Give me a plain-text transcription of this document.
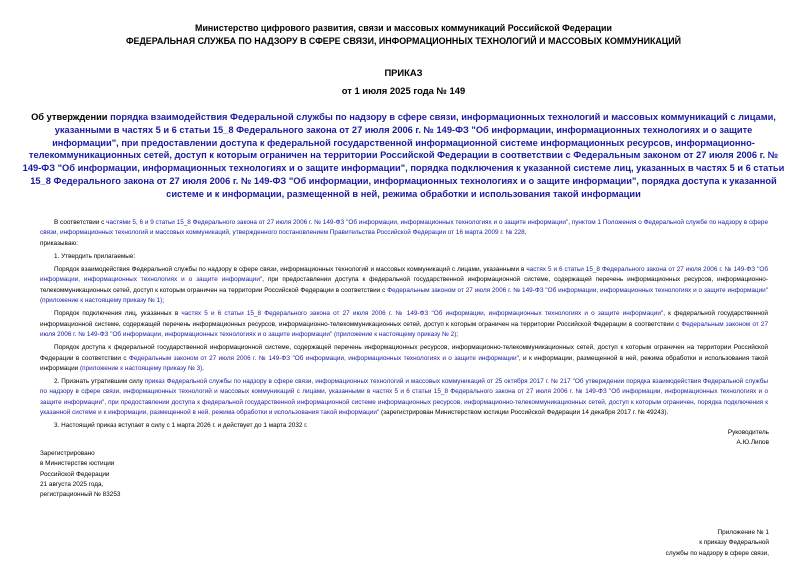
Министерство цифрового развития, связи и массовых коммуникаций Российской Федерации
ФЕДЕРАЛЬНАЯ СЛУЖБА ПО НАДЗОРУ В СФЕРЕ СВЯЗИ, ИНФОРМАЦИОННЫХ ТЕХНОЛОГИЙ И МАССОВЫХ КОММУНИКАЦИЙ
ПРИКАЗ
от 1 июля 2025 года № 149
Об утверждении порядка взаимодействия Федеральной службы по надзору в сфере связи, информационных технологий и массовых коммуникаций с лицами, указанными в частях 5 и 6 статьи 15_8 Федерального закона от 27 июля 2006 г. № 149-ФЗ "Об информации, информационных технологиях и о защите информации", при предоставлении доступа к федеральной государственной информационной системе информационных ресурсов, информационно-телекоммуникационных сетей, доступ к которым ограничен на территории Российской Федерации в соответствии с Федеральным законом от 27 июля 2006 г. № 149-ФЗ "Об информации, информационных технологиях и о защите информации", порядка подключения к указанной системе лиц, указанных в частях 5 и 6 статьи 15_8 Федерального закона от 27 июля 2006 г. № 149-ФЗ "Об информации, информационных технологиях и о защите информации", порядка доступа к указанной системе и к информации, размещенной в ней, режима обработки и использования такой информации

В соответствии с частями 5, 6 и 9 статьи 15_8 Федерального закона от 27 июля 2006 г. № 149-ФЗ "Об информации, информационных технологиях и о защите информации", пунктом 1 Положения о Федеральной службе по надзору в сфере связи, информационных технологий и массовых коммуникаций, утвержденного постановлением Правительства Российской Федерации от 16 марта 2009 г. № 228,

приказываю:

1. Утвердить прилагаемые:

Порядок взаимодействия Федеральной службы по надзору в сфере связи, информационных технологий и массовых коммуникаций с лицами, указанными в частях 5 и 6 статьи 15_8 Федерального закона от 27 июля 2006 г. № 149-ФЗ "Об информации, информационных технологиях и о защите информации", при предоставлении доступа к федеральной государственной информационной системе, содержащей перечень информационных ресурсов, информационно-телекоммуникационных сетей, доступ к которым ограничен на территории Российской Федерации в соответствии с Федеральным законом от 27 июля 2006 г. № 149-ФЗ "Об информации, информационных технологиях и о защите информации" (приложение к настоящему приказу № 1);

Порядок подключения лиц, указанных в частях 5 и 6 статьи 15_8 Федерального закона от 27 июля 2006 г. № 149-ФЗ "Об информации, информационных технологиях и о защите информации", к федеральной государственной информационной системе, содержащей перечень информационных ресурсов, информационно-телекоммуникационных сетей, доступ к которым ограничен на территории Российской Федерации в соответствии с Федеральным законом от 27 июля 2006 г. № 149-ФЗ "Об информации, информационных технологиях и о защите информации" (приложение к настоящему приказу № 2);

Порядок доступа к федеральной государственной информационной системе, содержащей перечень информационных ресурсов, информационно-телекоммуникационных сетей, доступ к которым ограничен на территории Российской Федерации в соответствии с Федеральным законом от 27 июля 2006 г. № 149-ФЗ "Об информации, информационных технологиях и о защите информации", и к информации, размещенной в ней, режима обработки и использования такой информации (приложение к настоящему приказу № 3).

2. Признать утратившим силу приказ Федеральной службы по надзору в сфере связи, информационных технологий и массовых коммуникаций от 25 октября 2017 г. № 217 "Об утверждении порядка взаимодействия Федеральной службы по надзору в сфере связи, информационных технологий и массовых коммуникаций с лицами, указанными в частях 5 и 6 статьи 15_8 Федерального закона от 27 июля 2006 г. № 149-ФЗ "Об информации, информационных технологиях и о защите информации", при предоставлении доступа к федеральной государственной информационной системе информационных ресурсов, информационно-телекоммуникационных сетей, доступ к которым ограничен, порядка подключения к указанной системе и к информации, размещенной в ней, режима обработки и использования такой информации" (зарегистрирован Министерством юстиции Российской Федерации 14 декабря 2017 г. № 49243).

3. Настоящий приказ вступает в силу с 1 марта 2026 г. и действует до 1 марта 2032 г.

Руководитель
А.Ю.Липов
Зарегистрировано
в Министерстве юстиции
Российской Федерации
21 августа 2025 года,
регистрационный № 83253
Приложение № 1
к приказу Федеральной
службы по надзору в сфере связи,
